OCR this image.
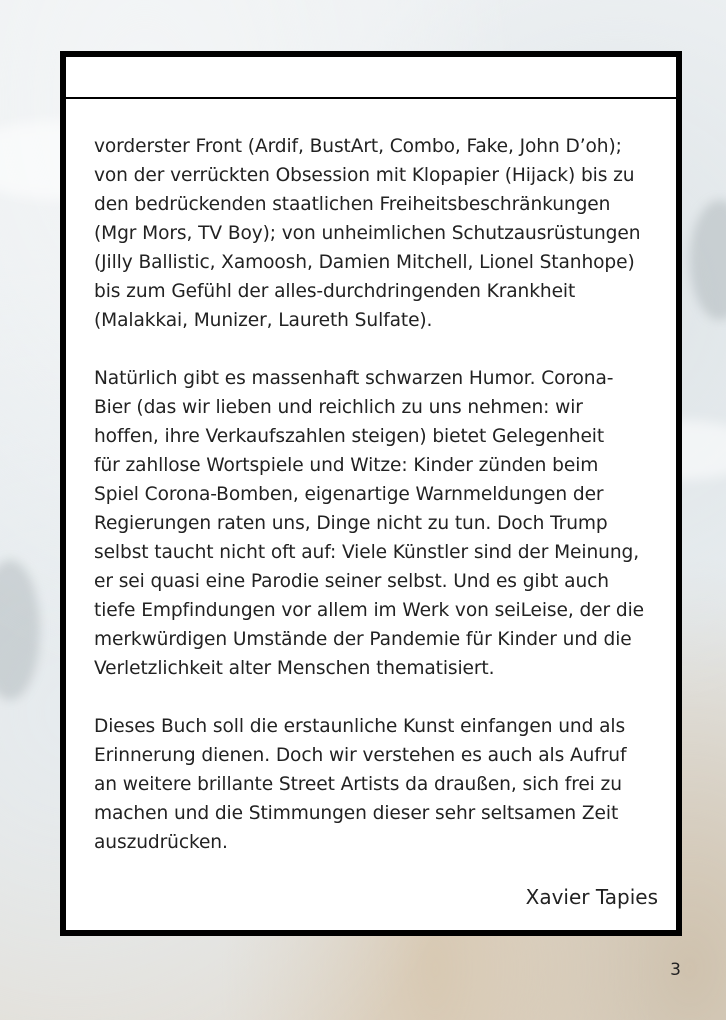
vorderster Front (Ardif, BustArt, Combo, Fake, John D’oh);
von der verrückten Obsession mit Klopapier (Hijack) bis zu
den bedrückenden staatlichen Freiheitsbeschränkungen
(Mgr Mors, TV Boy); von unheimlichen Schutzausrüstungen
(Jilly Ballistic, Xamoosh, Damien Mitchell, Lionel Stanhope)
bis zum Gefühl der alles-durchdringenden Krankheit
(Malakkai, Munizer, Laureth Sulfate).

Natürlich gibt es massenhaft schwarzen Humor. Corona-
Bier (das wir lieben und reichlich zu uns nehmen: wir
hoffen, ihre Verkaufszahlen steigen) bietet Gelegenheit
für zahllose Wortspiele und Witze: Kinder zünden beim
Spiel Corona-Bomben, eigenartige Warnmeldungen der
Regierungen raten uns, Dinge nicht zu tun. Doch Trump
selbst taucht nicht oft auf: Viele Künstler sind der Meinung,
er sei quasi eine Parodie seiner selbst. Und es gibt auch
tiefe Empfindungen vor allem im Werk von seiLeise, der die
merkwürdigen Umstände der Pandemie für Kinder und die
Verletzlichkeit alter Menschen thematisiert.

Dieses Buch soll die erstaunliche Kunst einfangen und als
Erinnerung dienen. Doch wir verstehen es auch als Aufruf
an weitere brillante Street Artists da draußen, sich frei zu
machen und die Stimmungen dieser sehr seltsamen Zeit
auszudrücken.

Xavier Tapies
3
